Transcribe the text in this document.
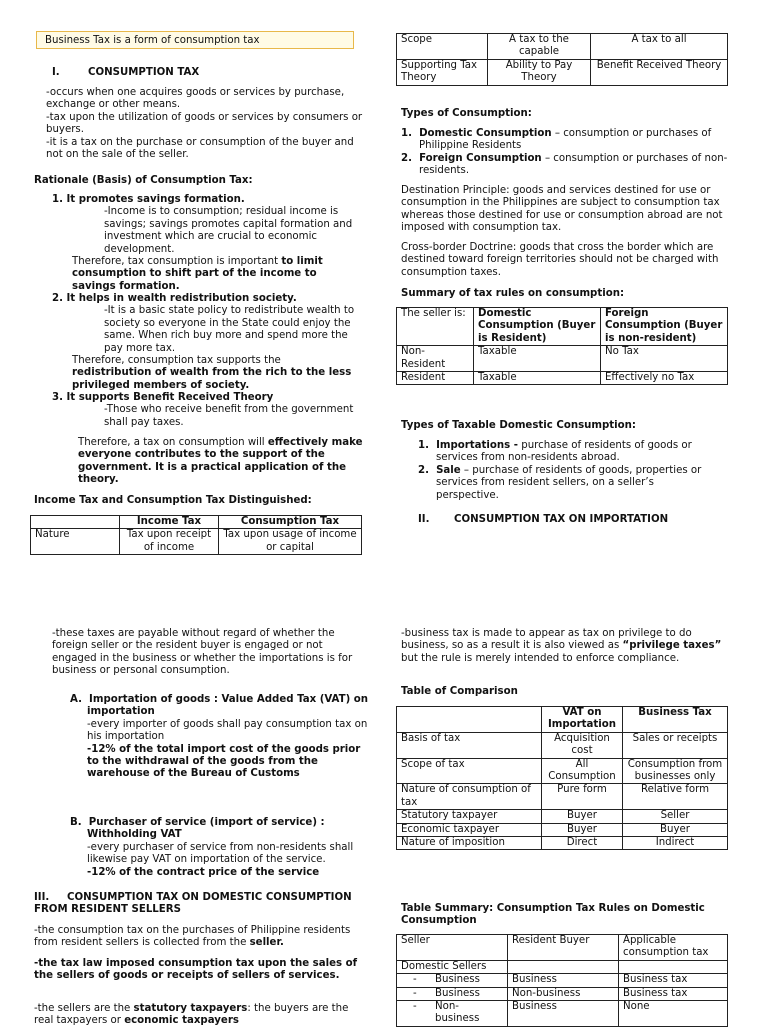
Business Tax is a form of consumption tax
I.	CONSUMPTION TAX

-occurs when one acquires goods or services by purchase, exchange or other means.

-tax upon the utilization of goods or services by consumers or buyers.

-it is a tax on the purchase or consumption of the buyer and not on the sale of the seller.

Rationale (Basis) of Consumption Tax:

1. It promotes savings formation.

-Income is to consumption; residual income is savings; savings promotes capital formation and investment which are crucial to economic development.

Therefore, tax consumption is important to limit consumption to shift part of the income to savings formation.

2. It helps in wealth redistribution society.

-It is a basic state policy to redistribute wealth to society so everyone in the State could enjoy the same. When rich buy more and spend more the pay more tax.

Therefore, consumption tax supports the redistribution of wealth from the rich to the less privileged members of society.

3. It supports Benefit Received Theory

-Those who receive benefit from the government shall pay taxes.

Therefore, a tax on consumption will effectively make everyone contributes to the support of the government. It is a practical application of the theory.

Income Tax and Consumption Tax Distinguished:

	Income Tax	Consumption Tax
Nature	Tax upon receipt of income	Tax upon usage of income or capital
Scope	A tax to the capable	A tax to all
Supporting Tax Theory	Ability to Pay Theory	Benefit Received Theory

Types of Consumption:

1.  Domestic Consumption – consumption or purchases of Philippine Residents

2.  Foreign Consumption – consumption or purchases of non-residents.

Destination Principle: goods and services destined for use or consumption in the Philippines are subject to consumption tax whereas those destined for use or consumption abroad are not imposed with consumption tax.

Cross-border Doctrine: goods that cross the border which are destined toward foreign territories should not be charged with consumption taxes.

Summary of tax rules on consumption:

The seller is:	Domestic Consumption (Buyer is Resident)	Foreign Consumption (Buyer is non-resident)
Non-Resident	Taxable	No Tax
Resident	Taxable	Effectively no Tax

Types of Taxable Domestic Consumption:

1.  Importations - purchase of residents of goods or services from non-residents abroad.

2.  Sale – purchase of residents of goods, properties or services from resident sellers, on a seller’s perspective.

II. CONSUMPTION TAX ON IMPORTATION

-these taxes are payable without regard of whether the foreign seller or the resident buyer is engaged or not engaged in the business or whether the importations is for business or personal consumption.

A. Importation of goods : Value Added Tax (VAT) on importation

-every importer of goods shall pay consumption tax on his importation

-12% of the total import cost of the goods prior to the withdrawal of the goods from the warehouse of the Bureau of Customs

B. Purchaser of service (import of service) : Withholding VAT

-every purchaser of service from non-residents shall likewise pay VAT on importation of the service.

-12% of the contract price of the service

III. CONSUMPTION TAX ON DOMESTIC CONSUMPTION FROM RESIDENT SELLERS

-the consumption tax on the purchases of Philippine residents from resident sellers is collected from the seller.

-the tax law imposed consumption tax upon the sales of the sellers of goods or receipts of sellers of services.

-the sellers are the statutory taxpayers: the buyers are the real taxpayers or economic taxpayers

-business tax is made to appear as tax on privilege to do business, so as a result it is also viewed as “privilege taxes” but the rule is merely intended to enforce compliance.

Table of Comparison

	VAT on Importation	Business Tax
Basis of tax	Acquisition cost	Sales or receipts
Scope of tax	All Consumption	Consumption from businesses only
Nature of consumption of tax	Pure form	Relative form
Statutory taxpayer	Buyer	Seller
Economic taxpayer	Buyer	Buyer
Nature of imposition	Direct	Indirect

Table Summary: Consumption Tax Rules on Domestic Consumption

Seller	Resident Buyer	Applicable consumption tax
Domestic Sellers		
- Business	Business	Business tax
- Business	Non-business	Business tax
- Non-business	Business	None
